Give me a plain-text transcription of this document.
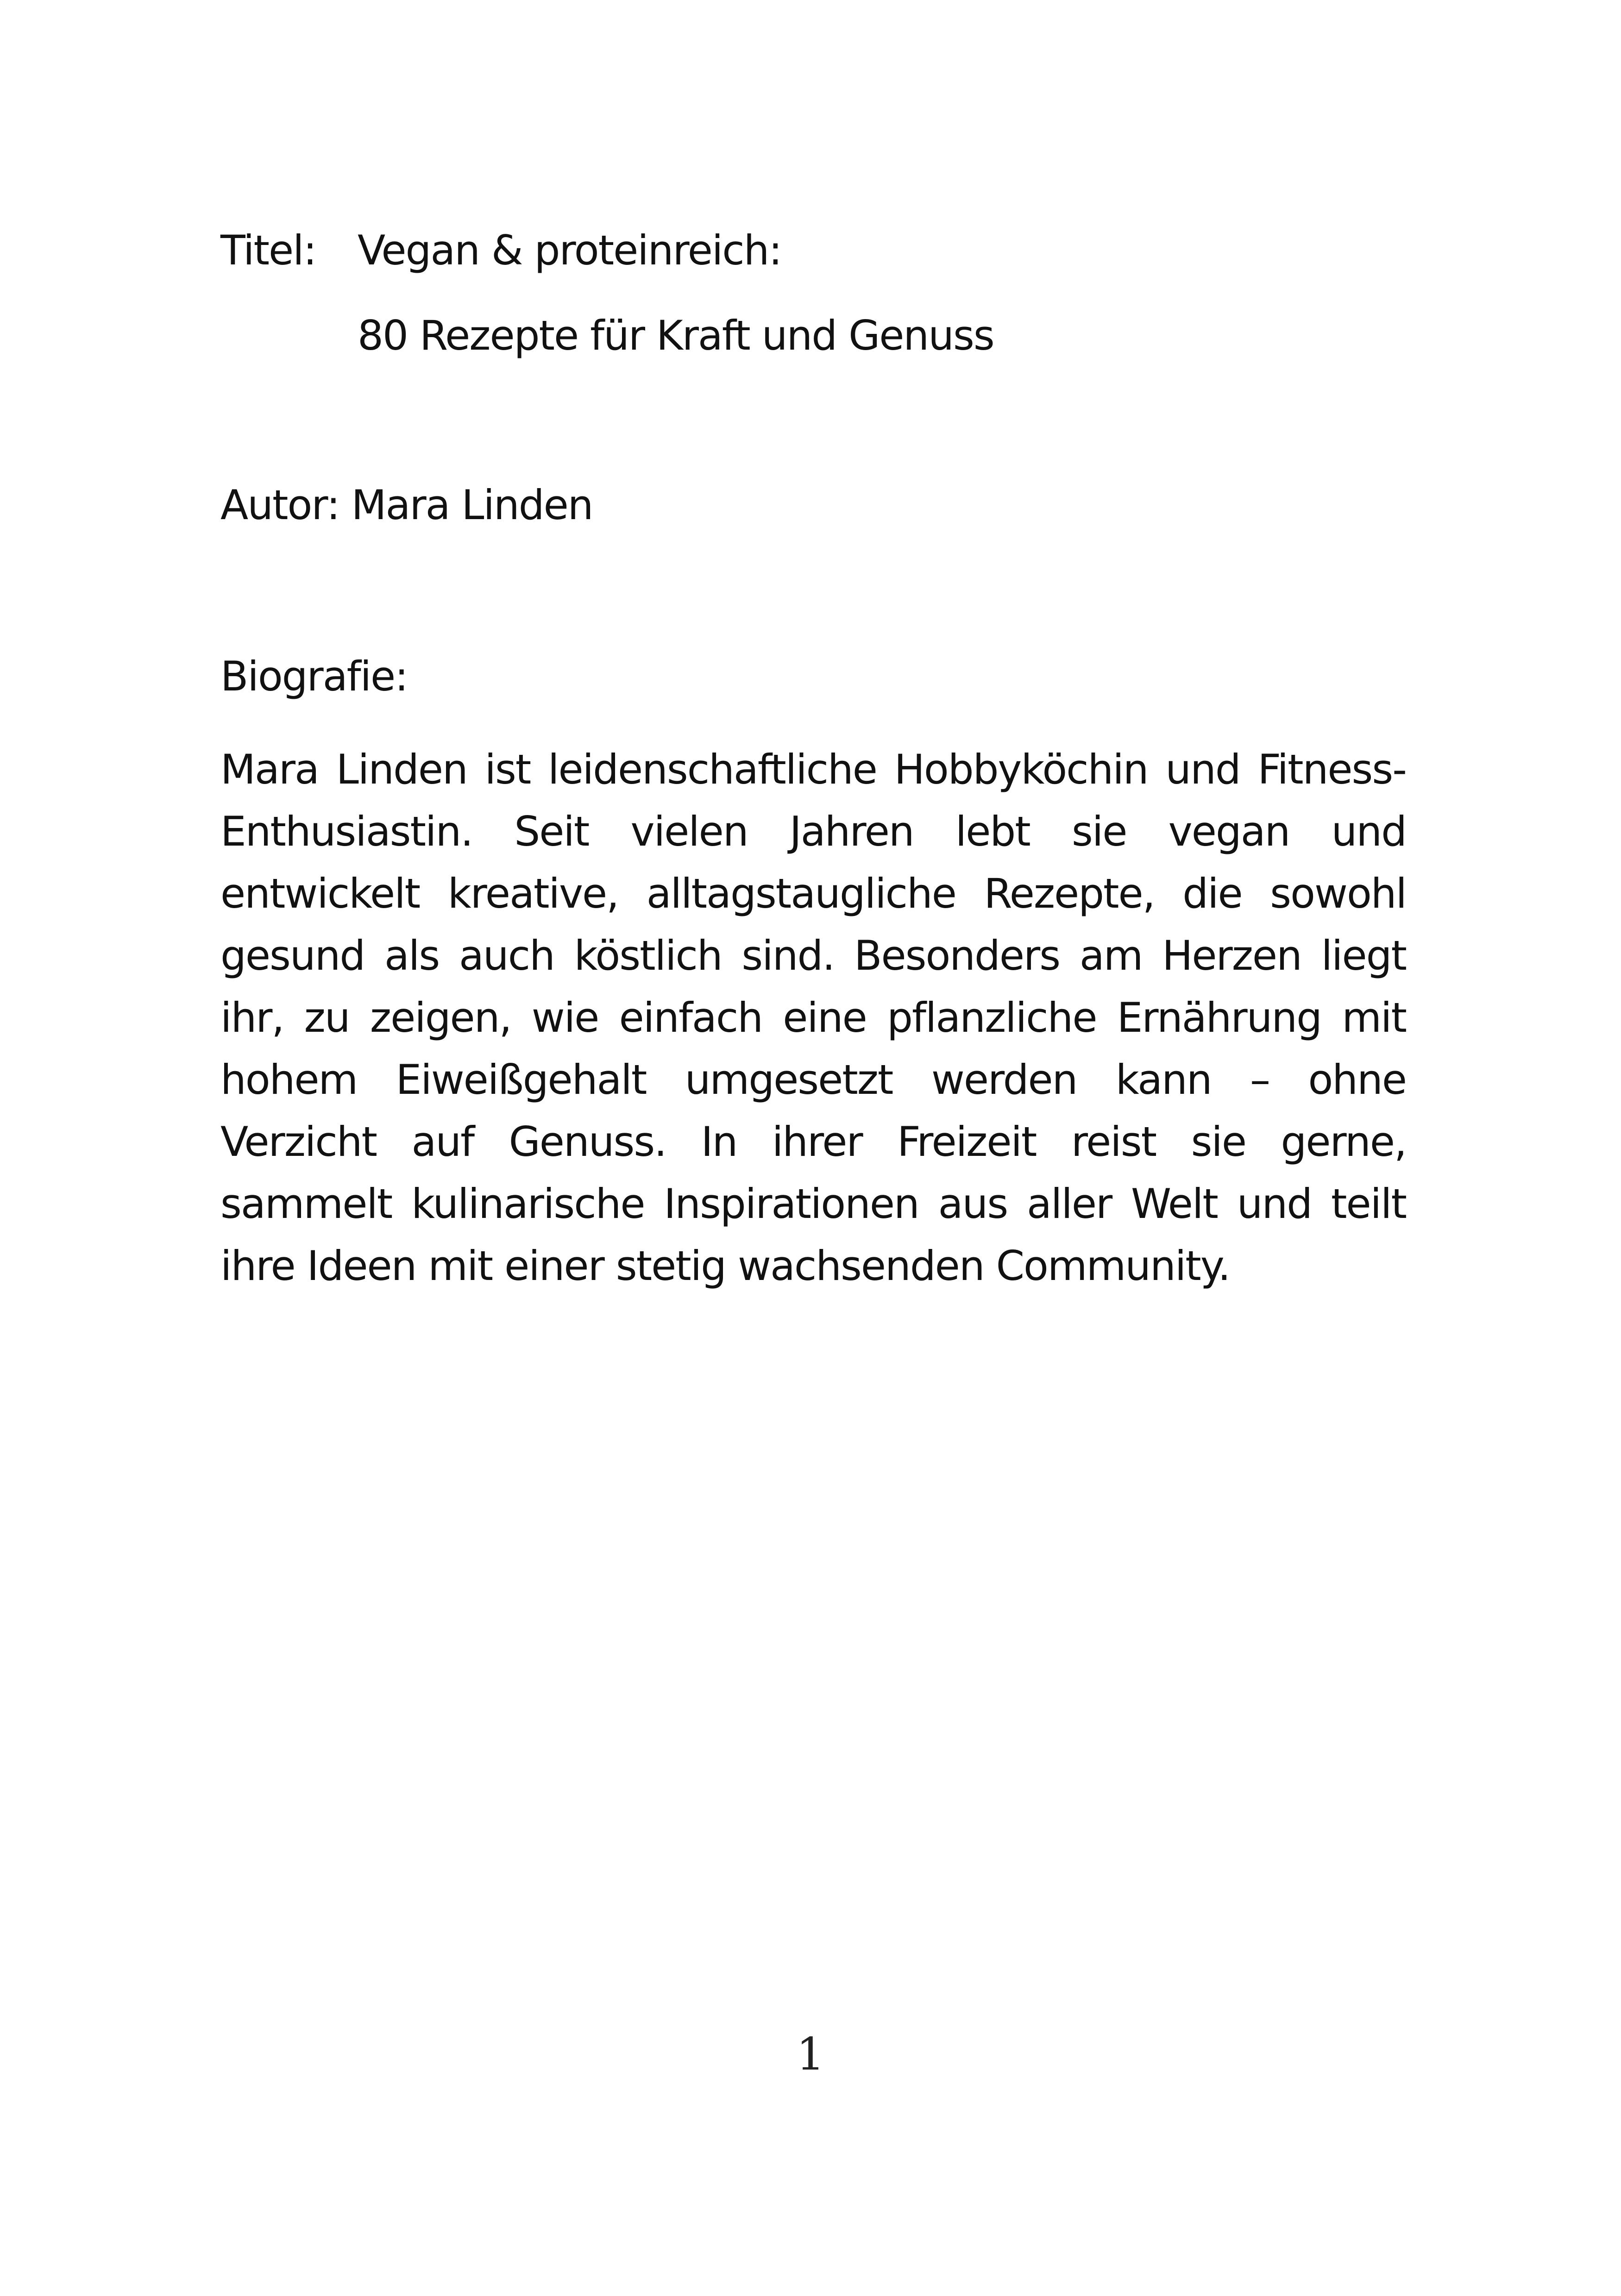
Titel: Vegan & proteinreich:
80 Rezepte für Kraft und Genuss
Autor: Mara Linden
Biografie:
Mara Linden ist leidenschaftliche Hobbyköchin und Fitness-Enthusiastin. Seit vielen Jahren lebt sie vegan und entwickelt kreative, alltagstaugliche Rezepte, die sowohl gesund als auch köstlich sind. Besonders am Herzen liegt ihr, zu zeigen, wie einfach eine pflanzliche Ernährung mit hohem Eiweißgehalt umgesetzt werden kann – ohne Verzicht auf Genuss. In ihrer Freizeit reist sie gerne, sammelt kulinarische Inspirationen aus aller Welt und teilt ihre Ideen mit einer stetig wachsenden Community.
1
